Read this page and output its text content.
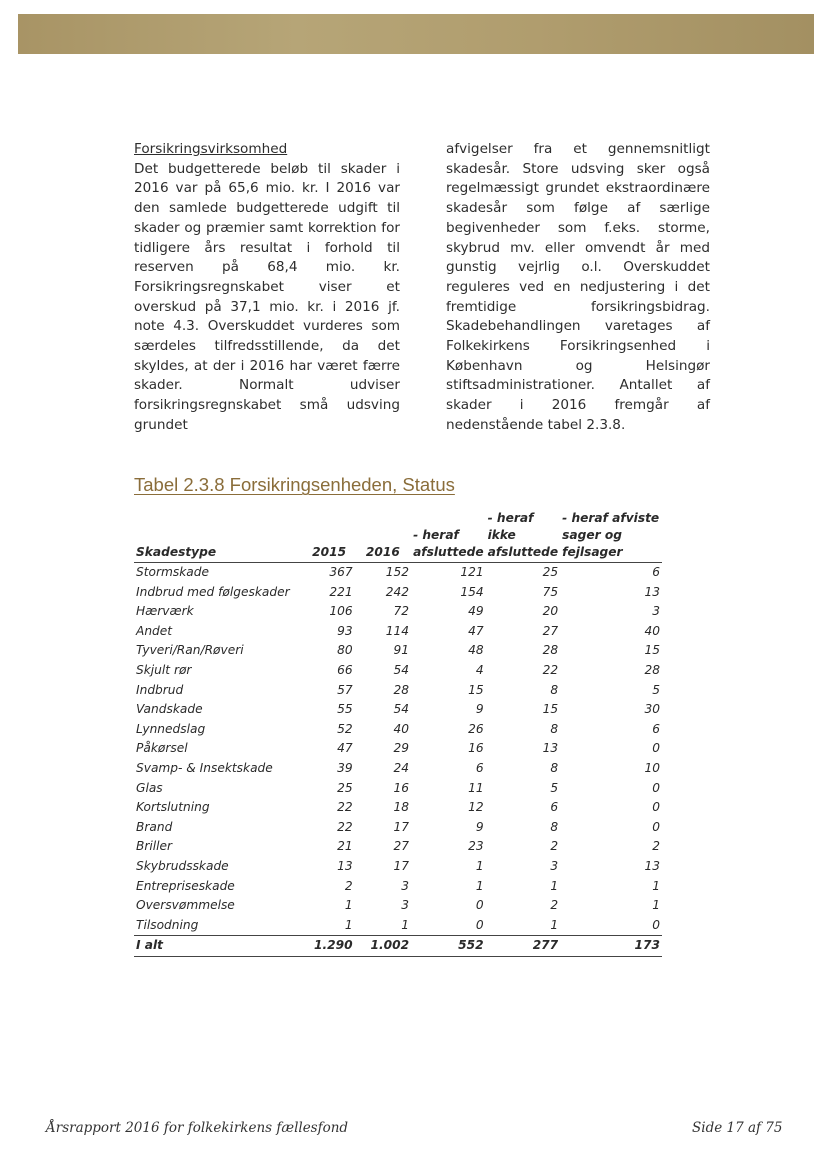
Forsikringsvirksomhed

Det budgetterede beløb til skader i 2016 var på 65,6 mio. kr. I 2016 var den samlede budgetterede udgift til skader og præmier samt korrektion for tidligere års resultat i forhold til reserven på 68,4 mio. kr. Forsikringsregnskabet viser et overskud på 37,1 mio. kr. i 2016 jf. note 4.3. Overskuddet vurderes som særdeles tilfredsstillende, da det skyldes, at der i 2016 har været færre skader. Normalt udviser forsikringsregnskabet små udsving grundet

afvigelser fra et gennemsnitligt skadesår. Store udsving sker også regelmæssigt grundet ekstraordinære skadesår som følge af særlige begivenheder som f.eks. storme, skybrud mv. eller omvendt år med gunstig vejrlig o.l. Overskuddet reguleres ved en nedjustering i det fremtidige forsikringsbidrag. Skadebehandlingen varetages af Folkekirkens Forsikringsenhed i København og Helsingør stiftsadministrationer. Antallet af skader i 2016 fremgår af nedenstående tabel 2.3.8.

Tabel 2.3.8 Forsikringsenheden, Status
Skadestype	2015	2016	- heraf afsluttede	- heraf ikke afsluttede	- heraf afviste sager og fejlsager
Stormskade	367	152	121	25	6
Indbrud med følgeskader	221	242	154	75	13
Hærværk	106	72	49	20	3
Andet	93	114	47	27	40
Tyveri/Ran/Røveri	80	91	48	28	15
Skjult rør	66	54	4	22	28
Indbrud	57	28	15	8	5
Vandskade	55	54	9	15	30
Lynnedslag	52	40	26	8	6
Påkørsel	47	29	16	13	0
Svamp- & Insektskade	39	24	6	8	10
Glas	25	16	11	5	0
Kortslutning	22	18	12	6	0
Brand	22	17	9	8	0
Briller	21	27	23	2	2
Skybrudsskade	13	17	1	3	13
Entrepriseskade	2	3	1	1	1
Oversvømmelse	1	3	0	2	1
Tilsodning	1	1	0	1	0
I alt	1.290	1.002	552	277	173
Årsrapport 2016 for folkekirkens fællesfond	Side 17 af 75
